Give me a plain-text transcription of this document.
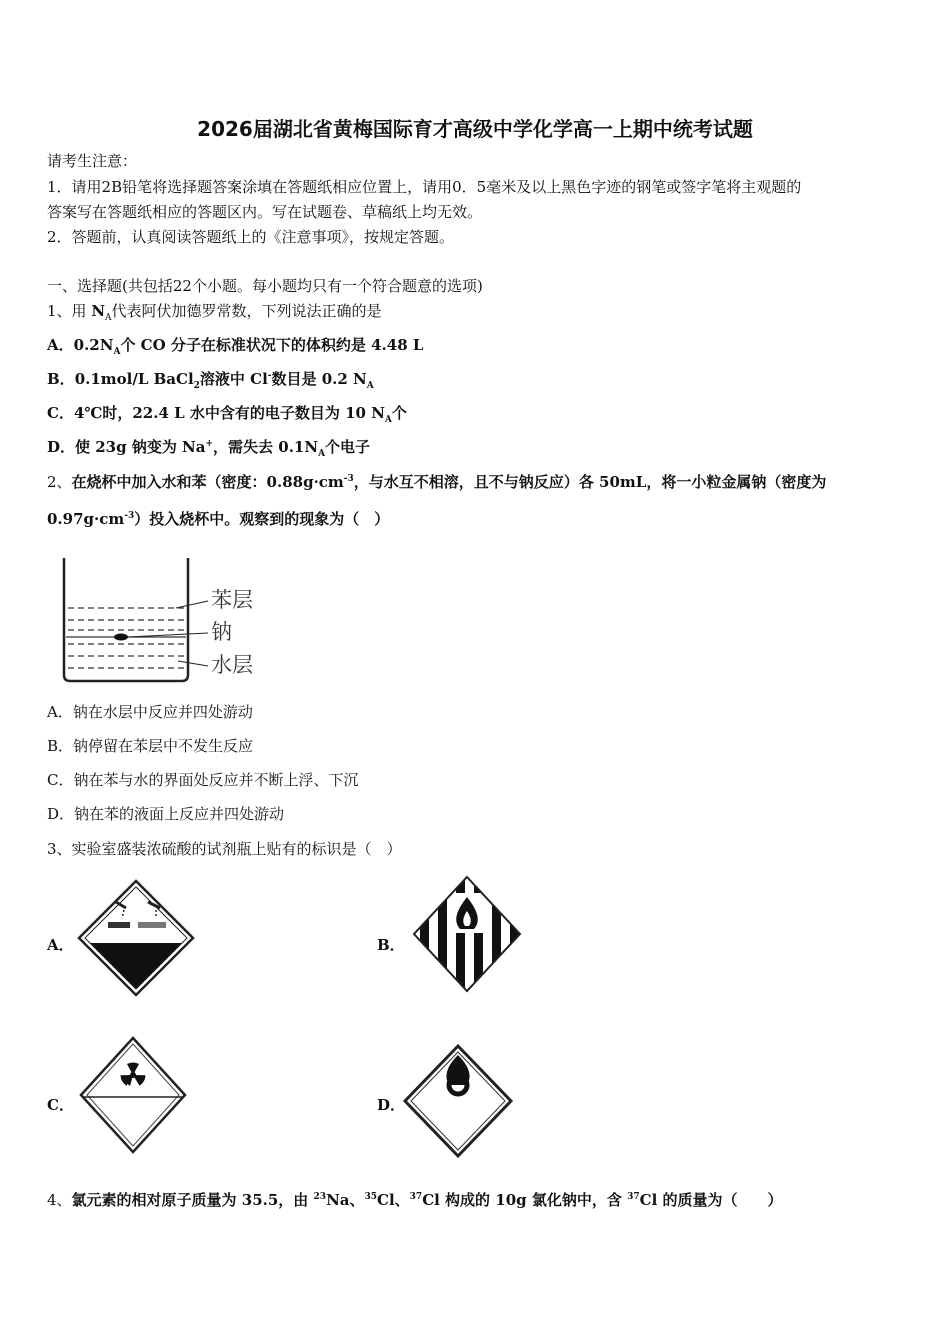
2026届湖北省黄梅国际育才高级中学化学高一上期中统考试题
请考生注意：
1．请用2B铅笔将选择题答案涂填在答题纸相应位置上，请用0．5毫米及以上黑色字迹的钢笔或签字笔将主观题的
答案写在答题纸相应的答题区内。写在试题卷、草稿纸上均无效。
2．答题前，认真阅读答题纸上的《注意事项》，按规定答题。
一、选择题(共包括22个小题。每小题均只有一个符合题意的选项)
1、用 $N_A$代表阿伏加德罗常数，下列说法正确的是
A．$0.2N_A$个 CO 分子在标准状况下的体积约是 4.48 L
B．0.1mol/L BaCl$_2$溶液中 Cl-数目是 0.2 $N_A$
C．4℃时，22.4 L 水中含有的电子数目为 10 $N_A$个
D．使 23g 钠变为 Na+，需失去 $0.1N_A$个电子
2、在烧杯中加入水和苯（密度：$0.88g\cdot cm^{-3}$，与水互不相溶，且不与钠反应）各 50mL，将一小粒金属钠（密度为
$0.97g\cdot cm^{-3}$）投入烧杯中。观察到的现象为（　）
苯层
钠
水层
A．钠在水层中反应并四处游动
B．钠停留在苯层中不发生反应
C．钠在苯与水的界面处反应并不断上浮、下沉
D．钠在苯的液面上反应并四处游动
3、实验室盛装浓硫酸的试剂瓶上贴有的标识是（　）
A．	B．
C．	D．
4、氯元素的相对原子质量为 35.5，由 $^{23}$Na、$^{35}$Cl、$^{37}$Cl 构成的 10g 氯化钠中，含 $^{37}$Cl 的质量为（　　）
